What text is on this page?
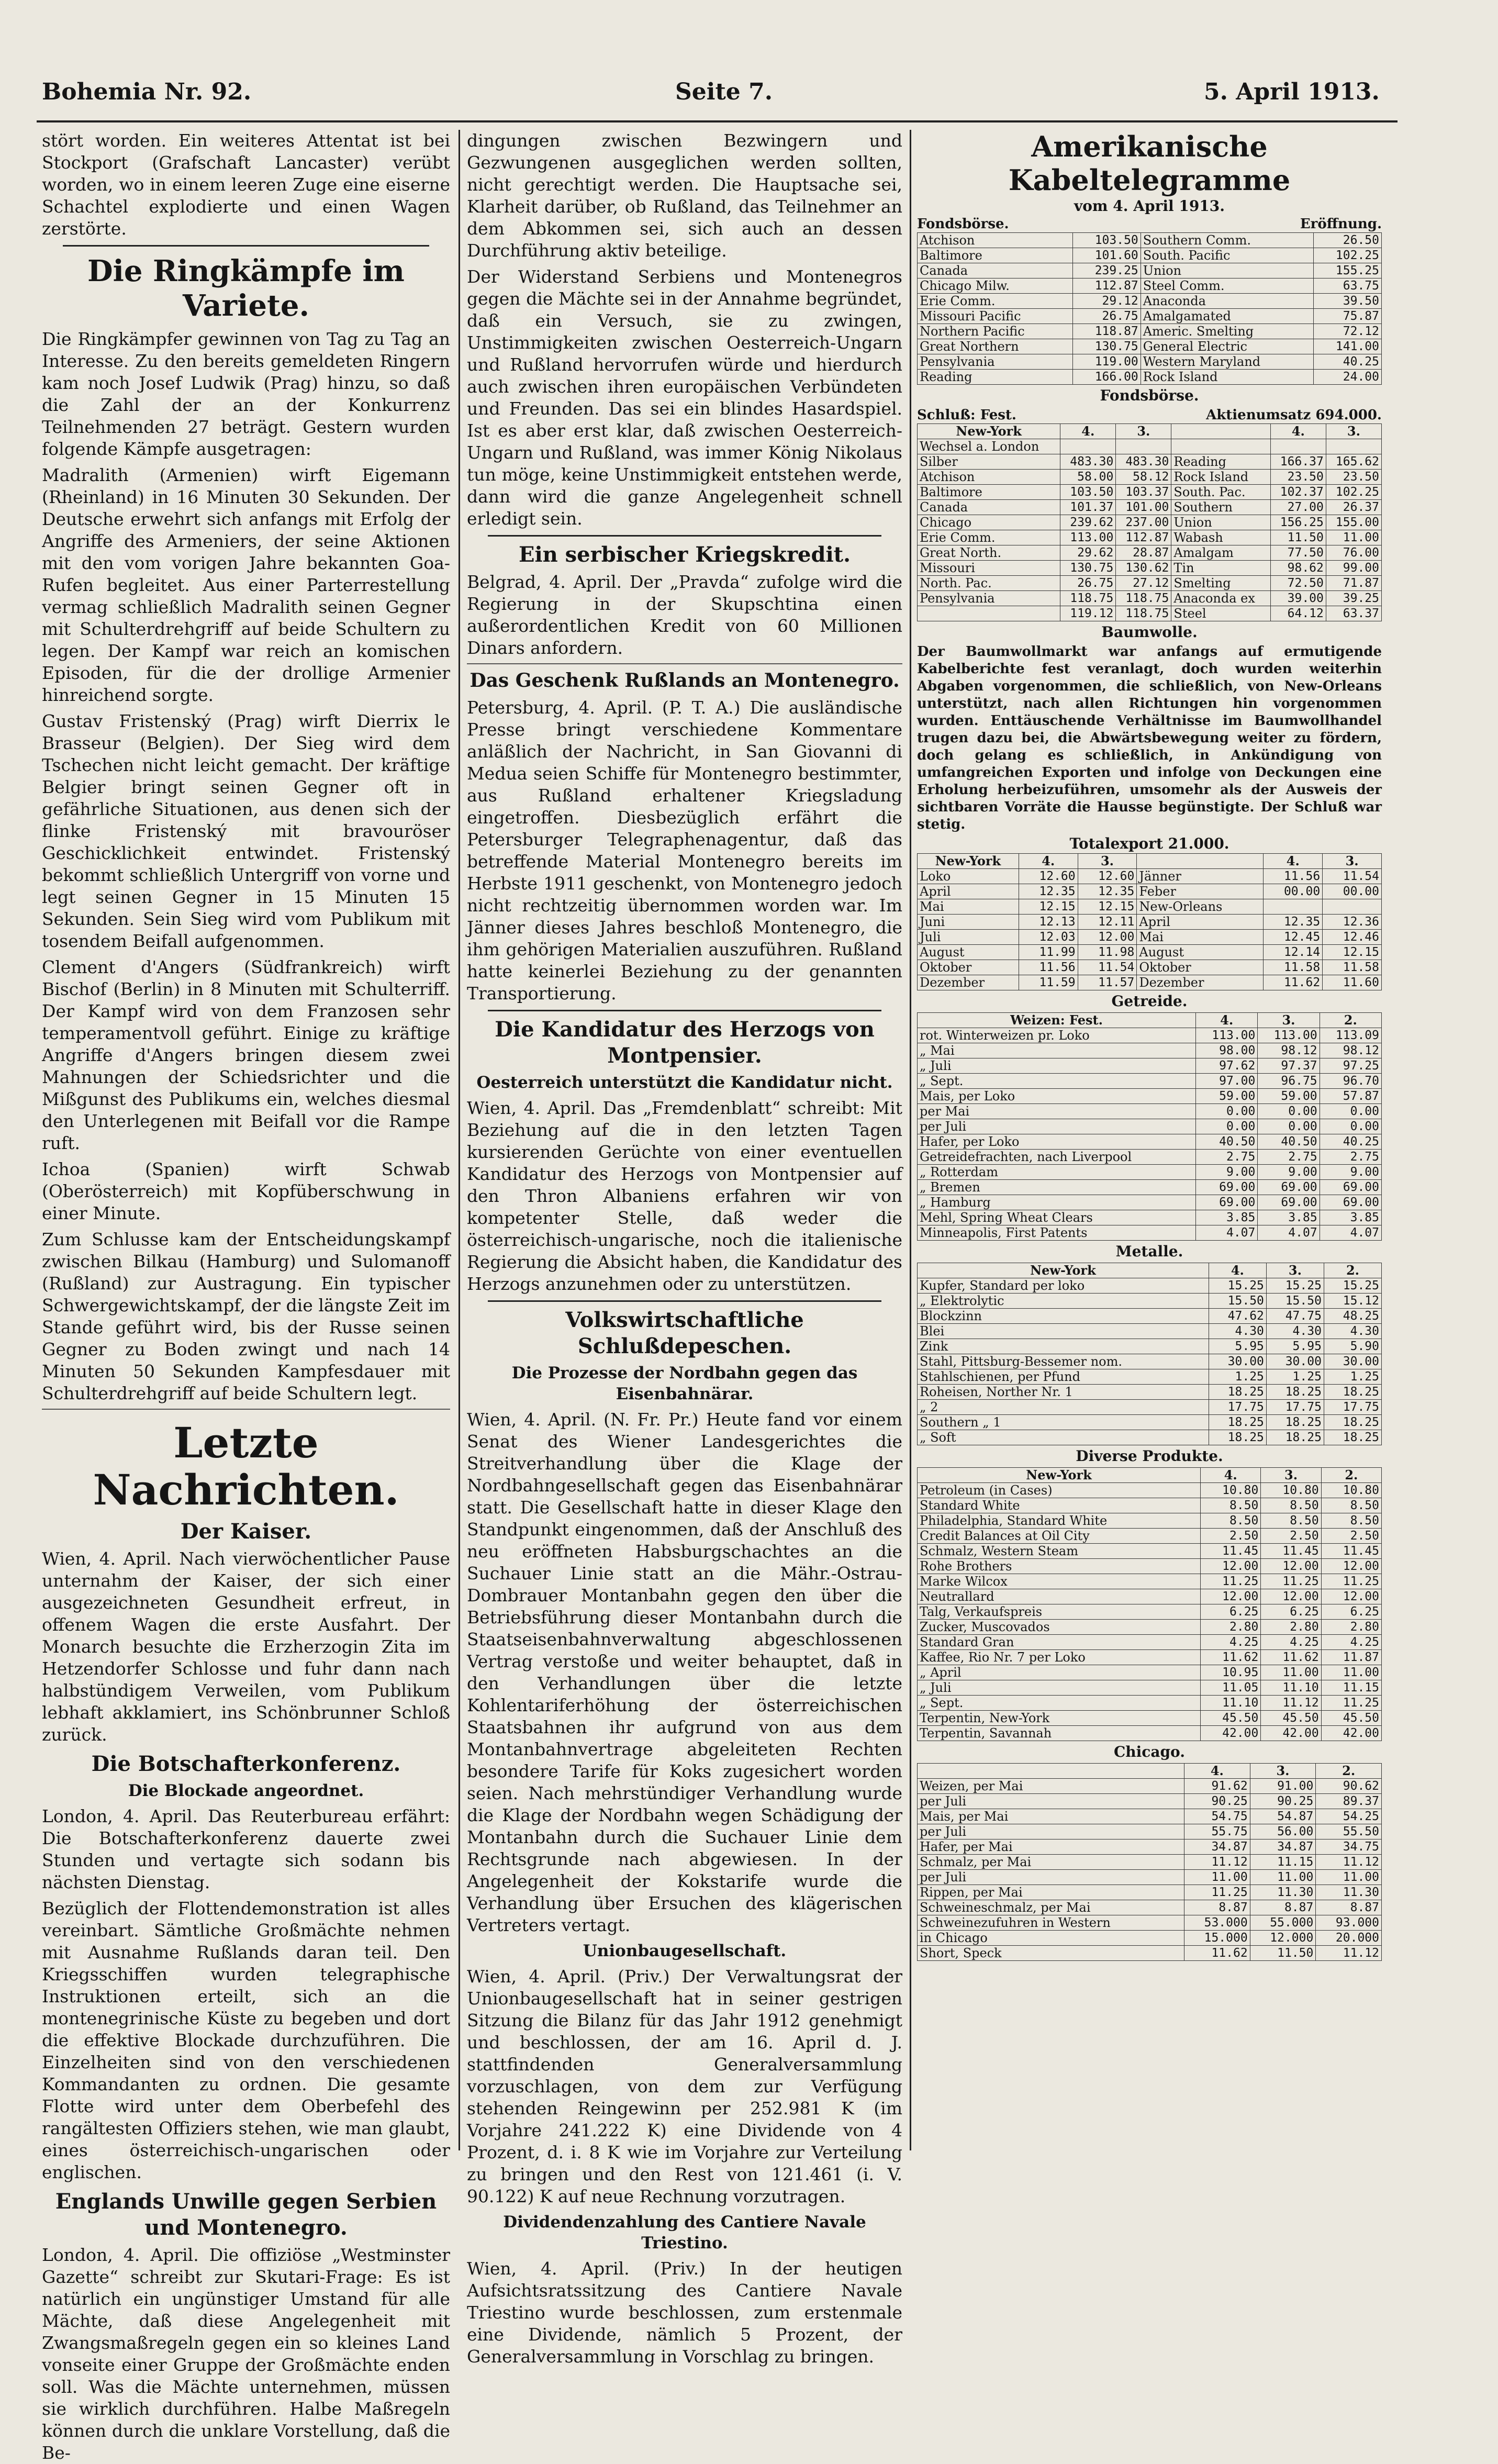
Bohemia Nr. 92.	Seite 7.	5. April 1913.

stört worden. Ein weiteres Attentat ist bei Stockport (Grafschaft Lancaster) verübt worden, wo in einem leeren Zuge eine eiserne Schachtel explodierte und einen Wagen zerstörte.

Die Ringkämpfe im Variete.

Die Ringkämpfer gewinnen von Tag zu Tag an Interesse. Zu den bereits gemeldeten Ringern kam noch Josef Ludwik (Prag) hinzu, so daß die Zahl der an der Konkurrenz Teilnehmenden 27 beträgt. Gestern wurden folgende Kämpfe ausgetragen:

Madralith (Armenien) wirft Eigemann (Rheinland) in 16 Minuten 30 Sekunden. Der Deutsche erwehrt sich anfangs mit Erfolg der Angriffe des Armeniers, der seine Aktionen mit den vom vorigen Jahre bekannten Goa-Rufen begleitet. Aus einer Parterrestellung vermag schließlich Madralith seinen Gegner mit Schulterdrehgriff auf beide Schultern zu legen. Der Kampf war reich an komischen Episoden, für die der drollige Armenier hinreichend sorgte.

Gustav Fristenský (Prag) wirft Dierrix le Brasseur (Belgien). Der Sieg wird dem Tschechen nicht leicht gemacht. Der kräftige Belgier bringt seinen Gegner oft in gefährliche Situationen, aus denen sich der flinke Fristenský mit bravouröser Geschicklichkeit entwindet. Fristenský bekommt schließlich Untergriff von vorne und legt seinen Gegner in 15 Minuten 15 Sekunden. Sein Sieg wird vom Publikum mit tosendem Beifall aufgenommen.

Clement d'Angers (Südfrankreich) wirft Bischof (Berlin) in 8 Minuten mit Schulterriff. Der Kampf wird von dem Franzosen sehr temperamentvoll geführt. Einige zu kräftige Angriffe d'Angers bringen diesem zwei Mahnungen der Schiedsrichter und die Mißgunst des Publikums ein, welches diesmal den Unterlegenen mit Beifall vor die Rampe ruft.

Ichoa (Spanien) wirft Schwab (Oberösterreich) mit Kopfüberschwung in einer Minute.

Zum Schlusse kam der Entscheidungskampf zwischen Bilkau (Hamburg) und Sulomanoff (Rußland) zur Austragung. Ein typischer Schwergewichtskampf, der die längste Zeit im Stande geführt wird, bis der Russe seinen Gegner zu Boden zwingt und nach 14 Minuten 50 Sekunden Kampfesdauer mit Schulterdrehgriff auf beide Schultern legt.

Letzte Nachrichten.
Der Kaiser.

Wien, 4. April. Nach vierwöchentlicher Pause unternahm der Kaiser, der sich einer ausgezeichneten Gesundheit erfreut, in offenem Wagen die erste Ausfahrt. Der Monarch besuchte die Erzherzogin Zita im Hetzendorfer Schlosse und fuhr dann nach halbstündigem Verweilen, vom Publikum lebhaft akklamiert, ins Schönbrunner Schloß zurück.

Die Botschafterkonferenz.
Die Blockade angeordnet.

London, 4. April. Das Reuterbureau erfährt: Die Botschafterkonferenz dauerte zwei Stunden und vertagte sich sodann bis nächsten Dienstag.

Bezüglich der Flottendemonstration ist alles vereinbart. Sämtliche Großmächte nehmen mit Ausnahme Rußlands daran teil. Den Kriegsschiffen wurden telegraphische Instruktionen erteilt, sich an die montenegrinische Küste zu begeben und dort die effektive Blockade durchzuführen. Die Einzelheiten sind von den verschiedenen Kommandanten zu ordnen. Die gesamte Flotte wird unter dem Oberbefehl des rangältesten Offiziers stehen, wie man glaubt, eines österreichisch-ungarischen oder englischen.

Englands Unwille gegen Serbien und Montenegro.

London, 4. April. Die offiziöse „Westminster Gazette“ schreibt zur Skutari-Frage: Es ist natürlich ein ungünstiger Umstand für alle Mächte, daß diese Angelegenheit mit Zwangsmaßregeln gegen ein so kleines Land vonseite einer Gruppe der Großmächte enden soll. Was die Mächte unternehmen, müssen sie wirklich durchführen. Halbe Maßregeln können durch die unklare Vorstellung, daß die Be-

dingungen zwischen Bezwingern und Gezwungenen ausgeglichen werden sollten, nicht gerechtigt werden. Die Hauptsache sei, Klarheit darüber, ob Rußland, das Teilnehmer an dem Abkommen sei, sich auch an dessen Durchführung aktiv beteilige.

Der Widerstand Serbiens und Montenegros gegen die Mächte sei in der Annahme begründet, daß ein Versuch, sie zu zwingen, Unstimmigkeiten zwischen Oesterreich-Ungarn und Rußland hervorrufen würde und hierdurch auch zwischen ihren europäischen Verbündeten und Freunden. Das sei ein blindes Hasardspiel. Ist es aber erst klar, daß zwischen Oesterreich-Ungarn und Rußland, was immer König Nikolaus tun möge, keine Unstimmigkeit entstehen werde, dann wird die ganze Angelegenheit schnell erledigt sein.

Ein serbischer Kriegskredit.

Belgrad, 4. April. Der „Pravda“ zufolge wird die Regierung in der Skupschtina einen außerordentlichen Kredit von 60 Millionen Dinars anfordern.

Das Geschenk Rußlands an Montenegro.

Petersburg, 4. April. (P. T. A.) Die ausländische Presse bringt verschiedene Kommentare anläßlich der Nachricht, in San Giovanni di Medua seien Schiffe für Montenegro bestimmter, aus Rußland erhaltener Kriegsladung eingetroffen. Diesbezüglich erfährt die Petersburger Telegraphenagentur, daß das betreffende Material Montenegro bereits im Herbste 1911 geschenkt, von Montenegro jedoch nicht rechtzeitig übernommen worden war. Im Jänner dieses Jahres beschloß Montenegro, die ihm gehörigen Materialien auszuführen. Rußland hatte keinerlei Beziehung zu der genannten Transportierung.

Die Kandidatur des Herzogs von Montpensier.
Oesterreich unterstützt die Kandidatur nicht.

Wien, 4. April. Das „Fremdenblatt“ schreibt: Mit Beziehung auf die in den letzten Tagen kursierenden Gerüchte von einer eventuellen Kandidatur des Herzogs von Montpensier auf den Thron Albaniens erfahren wir von kompetenter Stelle, daß weder die österreichisch-ungarische, noch die italienische Regierung die Absicht haben, die Kandidatur des Herzogs anzunehmen oder zu unterstützen.

Volkswirtschaftliche Schlußdepeschen.
Die Prozesse der Nordbahn gegen das Eisenbahnärar.

Wien, 4. April. (N. Fr. Pr.) Heute fand vor einem Senat des Wiener Landesgerichtes die Streitverhandlung über die Klage der Nordbahngesellschaft gegen das Eisenbahnärar statt. Die Gesellschaft hatte in dieser Klage den Standpunkt eingenommen, daß der Anschluß des neu eröffneten Habsburgschachtes an die Suchauer Linie statt an die Mähr.-Ostrau-Dombrauer Montanbahn gegen den über die Betriebsführung dieser Montanbahn durch die Staatseisenbahnverwaltung abgeschlossenen Vertrag verstoße und weiter behauptet, daß in den Verhandlungen über die letzte Kohlentariferhöhung der österreichischen Staatsbahnen ihr aufgrund von aus dem Montanbahnvertrage abgeleiteten Rechten besondere Tarife für Koks zugesichert worden seien. Nach mehrstündiger Verhandlung wurde die Klage der Nordbahn wegen Schädigung der Montanbahn durch die Suchauer Linie dem Rechtsgrunde nach abgewiesen. In der Angelegenheit der Kokstarife wurde die Verhandlung über Ersuchen des klägerischen Vertreters vertagt.

Unionbaugesellschaft.

Wien, 4. April. (Priv.) Der Verwaltungsrat der Unionbaugesellschaft hat in seiner gestrigen Sitzung die Bilanz für das Jahr 1912 genehmigt und beschlossen, der am 16. April d. J. stattfindenden Generalversammlung vorzuschlagen, von dem zur Verfügung stehenden Reingewinn per 252.981 K (im Vorjahre 241.222 K) eine Dividende von 4 Prozent, d. i. 8 K wie im Vorjahre zur Verteilung zu bringen und den Rest von 121.461 (i. V. 90.122) K auf neue Rechnung vorzutragen.

Dividendenzahlung des Cantiere Navale Triestino.

Wien, 4. April. (Priv.) In der heutigen Aufsichtsratssitzung des Cantiere Navale Triestino wurde beschlossen, zum erstenmale eine Dividende, nämlich 5 Prozent, der Generalversammlung in Vorschlag zu bringen.

Amerikanische Kabeltelegramme
vom 4. April 1913.
Fondsbörse.	Eröffnung.
Atchison	103.50	Southern Comm.	26.50
Baltimore	101.60	South. Pacific	102.25
Canada	239.25	Union	155.25
Chicago Milw.	112.87	Steel Comm.	63.75
Erie Comm.	29.12	Anaconda	39.50
Missouri Pacific	26.75	Amalgamated	75.87
Northern Pacific	118.87	Americ. Smelting	72.12
Great Northern	130.75	General Electric	141.00
Pensylvania	119.00	Western Maryland	40.25
Reading	166.00	Rock Island	24.00
Fondsbörse.
Schluß: Fest.	Aktienumsatz 694.000.
New-York	4.	3.		4.	3.
Wechsel a. London					
Silber	483.30	483.30	Reading	166.37	165.62
Atchison	58.00	58.12	Rock Island	23.50	23.50
Baltimore	103.50	103.37	South. Pac.	102.37	102.25
Canada	101.37	101.00	Southern	27.00	26.37
Chicago	239.62	237.00	Union	156.25	155.00
Erie Comm.	113.00	112.87	Wabash	11.50	11.00
Great North.	29.62	28.87	Amalgam	77.50	76.00
Missouri	130.75	130.62	Tin	98.62	99.00
North. Pac.	26.75	27.12	Smelting	72.50	71.87
Pensylvania	118.75	118.75	Anaconda ex	39.00	39.25
	119.12	118.75	Steel	64.12	63.37
Baumwolle.

Der Baumwollmarkt war anfangs auf ermutigende Kabelberichte fest veranlagt, doch wurden weiterhin Abgaben vorgenommen, die schließlich, von New-Orleans unterstützt, nach allen Richtungen hin vorgenommen wurden. Enttäuschende Verhältnisse im Baumwollhandel trugen dazu bei, die Abwärtsbewegung weiter zu fördern, doch gelang es schließlich, in Ankündigung von umfangreichen Exporten und infolge von Deckungen eine Erholung herbeizuführen, umsomehr als der Ausweis der sichtbaren Vorräte die Hausse begünstigte. Der Schluß war stetig.

Totalexport 21.000.
New-York	4.	3.		4.	3.
Loko	12.60	12.60	Jänner	11.56	11.54
April	12.35	12.35	Feber	00.00	00.00
Mai	12.15	12.15	New-Orleans		
Juni	12.13	12.11	April	12.35	12.36
Juli	12.03	12.00	Mai	12.45	12.46
August	11.99	11.98	August	12.14	12.15
Oktober	11.56	11.54	Oktober	11.58	11.58
Dezember	11.59	11.57	Dezember	11.62	11.60
Getreide.
Weizen: Fest.	4.	3.	2.
rot. Winterweizen pr. Loko	113.00	113.00	113.09
„ Mai	98.00	98.12	98.12
„ Juli	97.62	97.37	97.25
„ Sept.	97.00	96.75	96.70
Mais, per Loko	59.00	59.00	57.87
per Mai	0.00	0.00	0.00
per Juli	0.00	0.00	0.00
Hafer, per Loko	40.50	40.50	40.25
Getreidefrachten, nach Liverpool	2.75	2.75	2.75
„ Rotterdam	9.00	9.00	9.00
„ Bremen	69.00	69.00	69.00
„ Hamburg	69.00	69.00	69.00
Mehl, Spring Wheat Clears	3.85	3.85	3.85
Minneapolis, First Patents	4.07	4.07	4.07
Metalle.
New-York	4.	3.	2.
Kupfer, Standard per loko	15.25	15.25	15.25
„ Elektrolytic	15.50	15.50	15.12
Blockzinn	47.62	47.75	48.25
Blei	4.30	4.30	4.30
Zink	5.95	5.95	5.90
Stahl, Pittsburg-Bessemer nom.	30.00	30.00	30.00
Stahlschienen, per Pfund	1.25	1.25	1.25
Roheisen, Norther Nr. 1	18.25	18.25	18.25
„ 2	17.75	17.75	17.75
Southern „ 1	18.25	18.25	18.25
„ Soft	18.25	18.25	18.25
Diverse Produkte.
New-York	4.	3.	2.
Petroleum (in Cases)	10.80	10.80	10.80
Standard White	8.50	8.50	8.50
Philadelphia, Standard White	8.50	8.50	8.50
Credit Balances at Oil City	2.50	2.50	2.50
Schmalz, Western Steam	11.45	11.45	11.45
Rohe Brothers	12.00	12.00	12.00
Marke Wilcox	11.25	11.25	11.25
Neutrallard	12.00	12.00	12.00
Talg, Verkaufspreis	6.25	6.25	6.25
Zucker, Muscovados	2.80	2.80	2.80
Standard Gran	4.25	4.25	4.25
Kaffee, Rio Nr. 7 per Loko	11.62	11.62	11.87
„ April	10.95	11.00	11.00
„ Juli	11.05	11.10	11.15
„ Sept.	11.10	11.12	11.25
Terpentin, New-York	45.50	45.50	45.50
Terpentin, Savannah	42.00	42.00	42.00
Chicago.
	4.	3.	2.
Weizen, per Mai	91.62	91.00	90.62
per Juli	90.25	90.25	89.37
Mais, per Mai	54.75	54.87	54.25
per Juli	55.75	56.00	55.50
Hafer, per Mai	34.87	34.87	34.75
Schmalz, per Mai	11.12	11.15	11.12
per Juli	11.00	11.00	11.00
Rippen, per Mai	11.25	11.30	11.30
Schweineschmalz, per Mai	8.87	8.87	8.87
Schweinezufuhren in Western	53.000	55.000	93.000
in Chicago	15.000	12.000	20.000
Short, Speck	11.62	11.50	11.12
